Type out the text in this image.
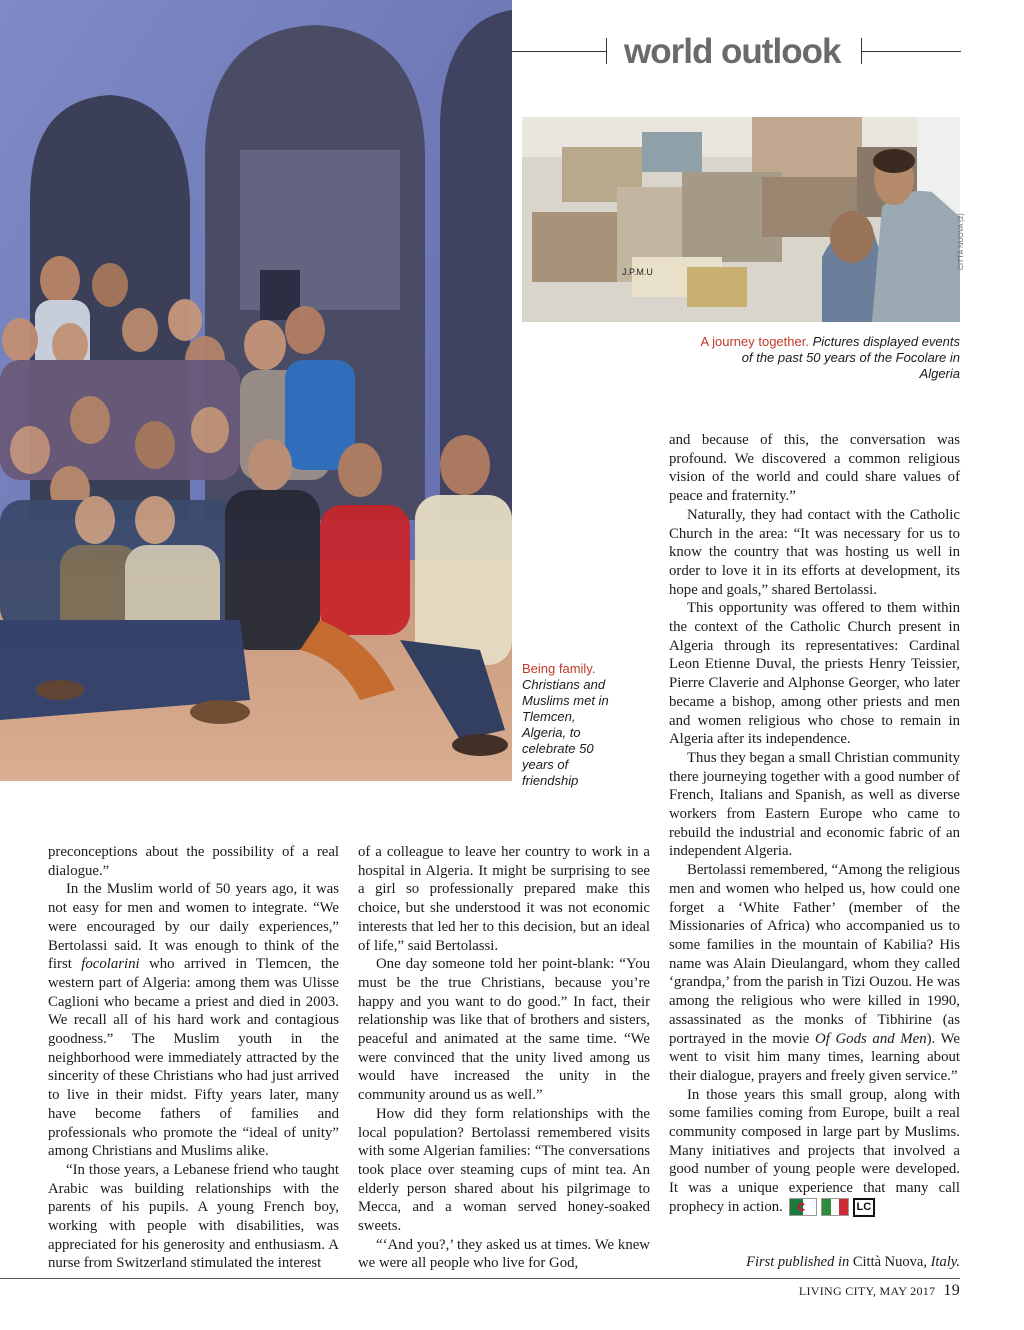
world outlook
J.P.M.U
CITTÀ NUOVA (2)
A journey together. Pictures displayed events of the past 50 years of the Focolare in Algeria
Being family.
Christians and Muslims met in Tlemcen, Algeria, to celebrate 50 years of friendship

preconceptions about the possibility of a real dialogue.”

In the Muslim world of 50 years ago, it was not easy for men and women to integrate. “We were encouraged by our daily experiences,” Bertolassi said. It was enough to think of the first focolarini who arrived in Tlemcen, the western part of Algeria: among them was Ulisse Caglioni who became a priest and died in 2003. We recall all of his hard work and contagious goodness.” The Muslim youth in the neighborhood were immediately attracted by the sincerity of these Christians who had just arrived to live in their midst. Fifty years later, many have become fathers of families and professionals who promote the “ideal of unity” among Christians and Muslims alike.

“In those years, a Lebanese friend who taught Arabic was building relationships with the parents of his pupils. A young French boy, working with people with disabilities, was appreciated for his generosity and enthusiasm. A nurse from Switzerland stimulated the interest

of a colleague to leave her country to work in a hospital in Algeria. It might be surprising to see a girl so professionally prepared make this choice, but she understood it was not economic interests that led her to this decision, but an ideal of life,” said Bertolassi.

One day someone told her point-blank: “You must be the true Christians, because you’re happy and you want to do good.” In fact, their relationship was like that of brothers and sisters, peaceful and animated at the same time. “We were convinced that the unity lived among us would have increased the unity in the community around us as well.”

How did they form relationships with the local population? Bertolassi remembered visits with some Algerian families: “The conversations took place over steaming cups of mint tea. An elderly person shared about his pilgrimage to Mecca, and a woman served honey-soaked sweets.

“‘And you?,’ they asked us at times. We knew we were all people who live for God,

and because of this, the conversation was profound. We discovered a common religious vision of the world and could share values of peace and fraternity.”

Naturally, they had contact with the Catholic Church in the area: “It was necessary for us to know the country that was hosting us well in order to love it in its efforts at development, its hope and goals,” shared Bertolassi.

This opportunity was offered to them within the context of the Catholic Church present in Algeria through its representatives: Cardinal Leon Etienne Duval, the priests Henry Teissier, Pierre Claverie and Alphonse Georger, who later became a bishop, among other priests and men and women religious who chose to remain in Algeria after its independence.

Thus they began a small Christian community there journeying together with a good number of French, Italians and Spanish, as well as diverse workers from Eastern Europe who came to rebuild the industrial and economic fabric of an independent Algeria.

Bertolassi remembered, “Among the religious men and women who helped us, how could one forget a ‘White Father’ (member of the Missionaries of Africa) who accompanied us to some families in the mountain of Kabilia? His name was Alain Dieulangard, whom they called ‘grandpa,’ from the parish in Tizi Ouzou. He was among the religious who were killed in 1990, assassinated as the monks of Tibhirine (as portrayed in the movie Of Gods and Men). We went to visit him many times, learning about their dialogue, prayers and freely given service.”

In those years this small group, along with some families coming from Europe, built a real community composed in large part by Muslims. Many initiatives and projects that involved a good number of young people were developed. It was a unique experience that many call prophecy in action.	LC

First published in Città Nuova, Italy.
LIVING CITY, MAY 2017 19
